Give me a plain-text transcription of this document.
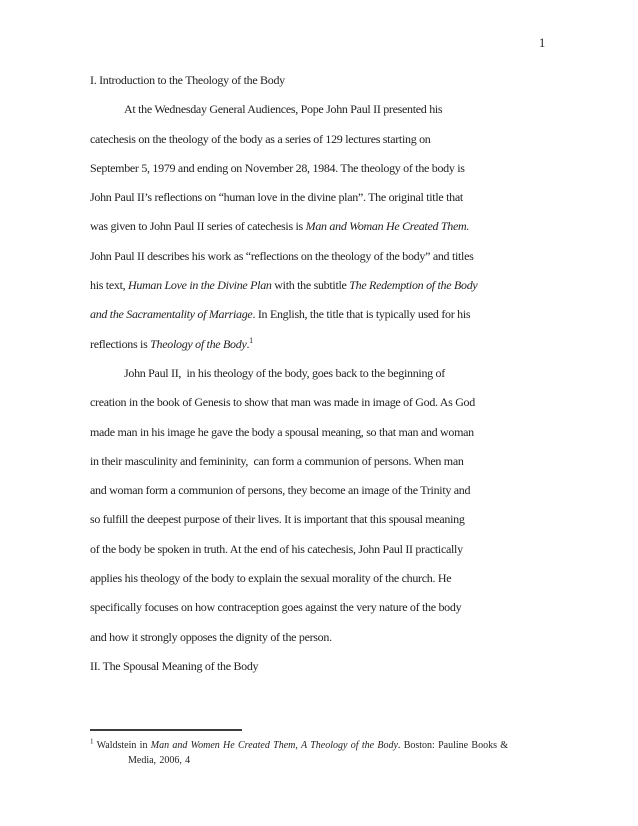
1
I. Introduction to the Theology of the Body
At the Wednesday General Audiences, Pope John Paul II presented his
catechesis on the theology of the body as a series of 129 lectures starting on
September 5, 1979 and ending on November 28, 1984. The theology of the body is
John Paul II’s reflections on “human love in the divine plan”. The original title that
was given to John Paul II series of catechesis is Man and Woman He Created Them.
John Paul II describes his work as “reflections on the theology of the body” and titles
his text, Human Love in the Divine Plan with the subtitle The Redemption of the Body
and the Sacramentality of Marriage. In English, the title that is typically used for his
reflections is Theology of the Body.$^1$
John Paul II,  in his theology of the body, goes back to the beginning of
creation in the book of Genesis to show that man was made in image of God. As God
made man in his image he gave the body a spousal meaning, so that man and woman
in their masculinity and femininity,  can form a communion of persons. When man
and woman form a communion of persons, they become an image of the Trinity and
so fulfill the deepest purpose of their lives. It is important that this spousal meaning
of the body be spoken in truth. At the end of his catechesis, John Paul II practically
applies his theology of the body to explain the sexual morality of the church. He
specifically focuses on how contraception goes against the very nature of the body
and how it strongly opposes the dignity of the person.
II. The Spousal Meaning of the Body
$^1$ Waldstein in Man and Women He Created Them, A Theology of the Body. Boston: Pauline Books &
Media, 2006, 4
